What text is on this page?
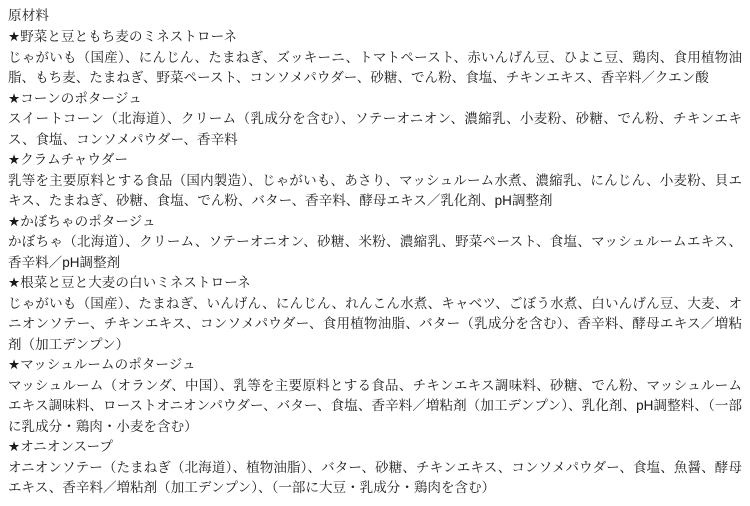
原材料
★野菜と豆ともち麦のミネストローネ
じゃがいも（国産）、にんじん、たまねぎ、ズッキーニ、トマトペースト、赤いんげん豆、ひよこ豆、鶏肉、食用植物油脂、もち麦、たまねぎ、野菜ペースト、コンソメパウダー、砂糖、でん粉、食塩、チキンエキス、香辛料／クエン酸
★コーンのポタージュ
スイートコーン（北海道）、クリーム（乳成分を含む）、ソテーオニオン、濃縮乳、小麦粉、砂糖、でん粉、チキンエキス、食塩、コンソメパウダー、香辛料
★クラムチャウダー
乳等を主要原料とする食品（国内製造）、じゃがいも、あさり、マッシュルーム水煮、濃縮乳、にんじん、小麦粉、貝エキス、たまねぎ、砂糖、食塩、でん粉、バター、香辛料、酵母エキス／乳化剤、pH調整剤
★かぼちゃのポタージュ
かぼちゃ（北海道）、クリーム、ソテーオニオン、砂糖、米粉、濃縮乳、野菜ペースト、食塩、マッシュルームエキス、香辛料／pH調整剤
★根菜と豆と大麦の白いミネストローネ
じゃがいも（国産）、たまねぎ、いんげん、にんじん、れんこん水煮、キャベツ、ごぼう水煮、白いんげん豆、大麦、オニオンソテー、チキンエキス、コンソメパウダー、食用植物油脂、バター（乳成分を含む）、香辛料、酵母エキス／増粘剤（加工デンプン）
★マッシュルームのポタージュ
マッシュルーム（オランダ、中国）、乳等を主要原料とする食品、チキンエキス調味料、砂糖、でん粉、マッシュルームエキス調味料、ローストオニオンパウダー、バター、食塩、香辛料／増粘剤（加工デンプン）、乳化剤、pH調整料、（一部に乳成分・鶏肉・小麦を含む）
★オニオンスープ
オニオンソテー（たまねぎ（北海道）、植物油脂）、バター、砂糖、チキンエキス、コンソメパウダー、食塩、魚醤、酵母エキス、香辛料／増粘剤（加工デンプン）、（一部に大豆・乳成分・鶏肉を含む）
